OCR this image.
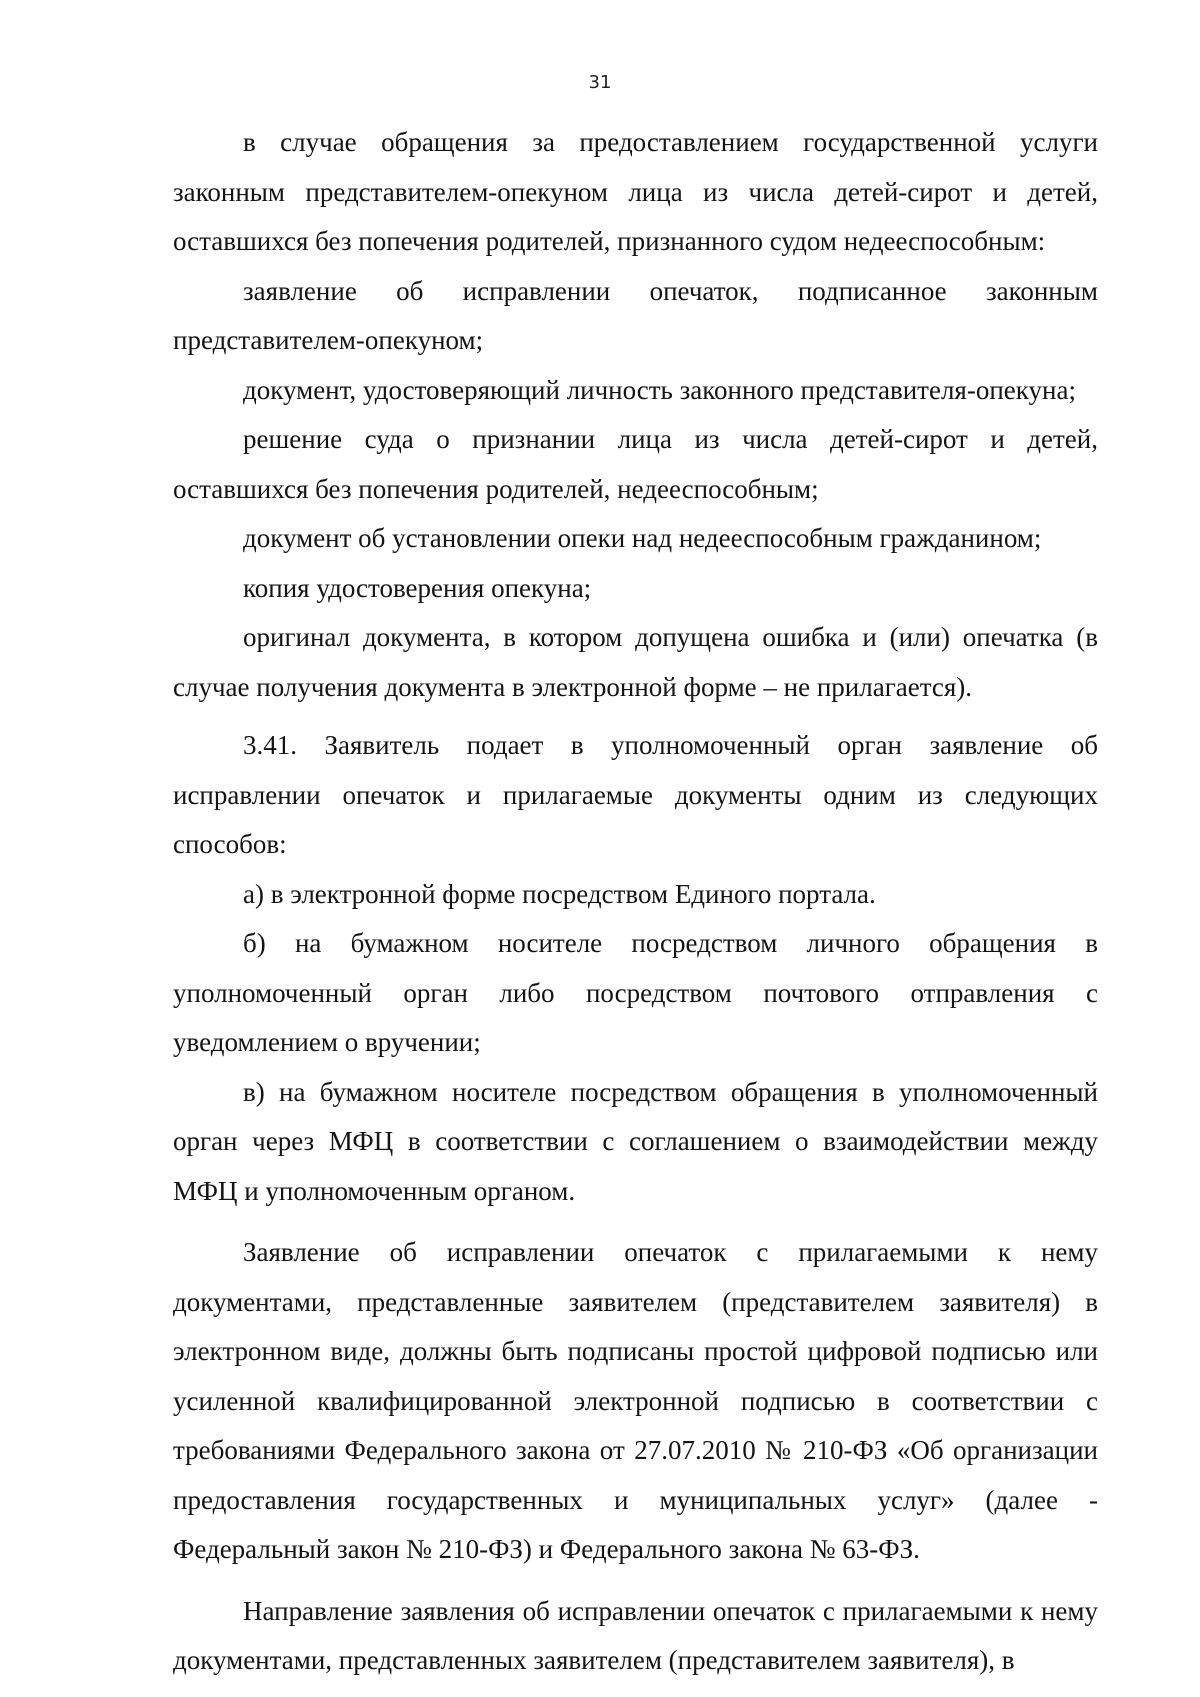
31

в случае обращения за предоставлением государственной услуги законным представителем-опекуном лица из числа детей-сирот и детей, оставшихся без попечения родителей, признанного судом недееспособным:

заявление об исправлении опечаток, подписанное законным представителем-опекуном;

документ, удостоверяющий личность законного представителя-опекуна;

решение суда о признании лица из числа детей-сирот и детей, оставшихся без попечения родителей, недееспособным;

документ об установлении опеки над недееспособным гражданином;

копия удостоверения опекуна;

оригинал документа, в котором допущена ошибка и (или) опечатка (в случае получения документа в электронной форме – не прилагается).

3.41. Заявитель подает в уполномоченный орган заявление об исправлении опечаток и прилагаемые документы одним из следующих способов:

а) в электронной форме посредством Единого портала.

б) на бумажном носителе посредством личного обращения в уполномоченный орган либо посредством почтового отправления с уведомлением о вручении;

в) на бумажном носителе посредством обращения в уполномоченный орган через МФЦ в соответствии с соглашением о взаимодействии между МФЦ и уполномоченным органом.

Заявление об исправлении опечаток с прилагаемыми к нему документами, представленные заявителем (представителем заявителя) в электронном виде, должны быть подписаны простой цифровой подписью или усиленной квалифицированной электронной подписью в соответствии с требованиями Федерального закона от 27.07.2010 № 210-ФЗ «Об организации предоставления государственных и муниципальных услуг» (далее - Федеральный закон № 210-ФЗ) и Федерального закона № 63-ФЗ.

Направление заявления об исправлении опечаток с прилагаемыми к нему документами, представленных заявителем (представителем заявителя), в
